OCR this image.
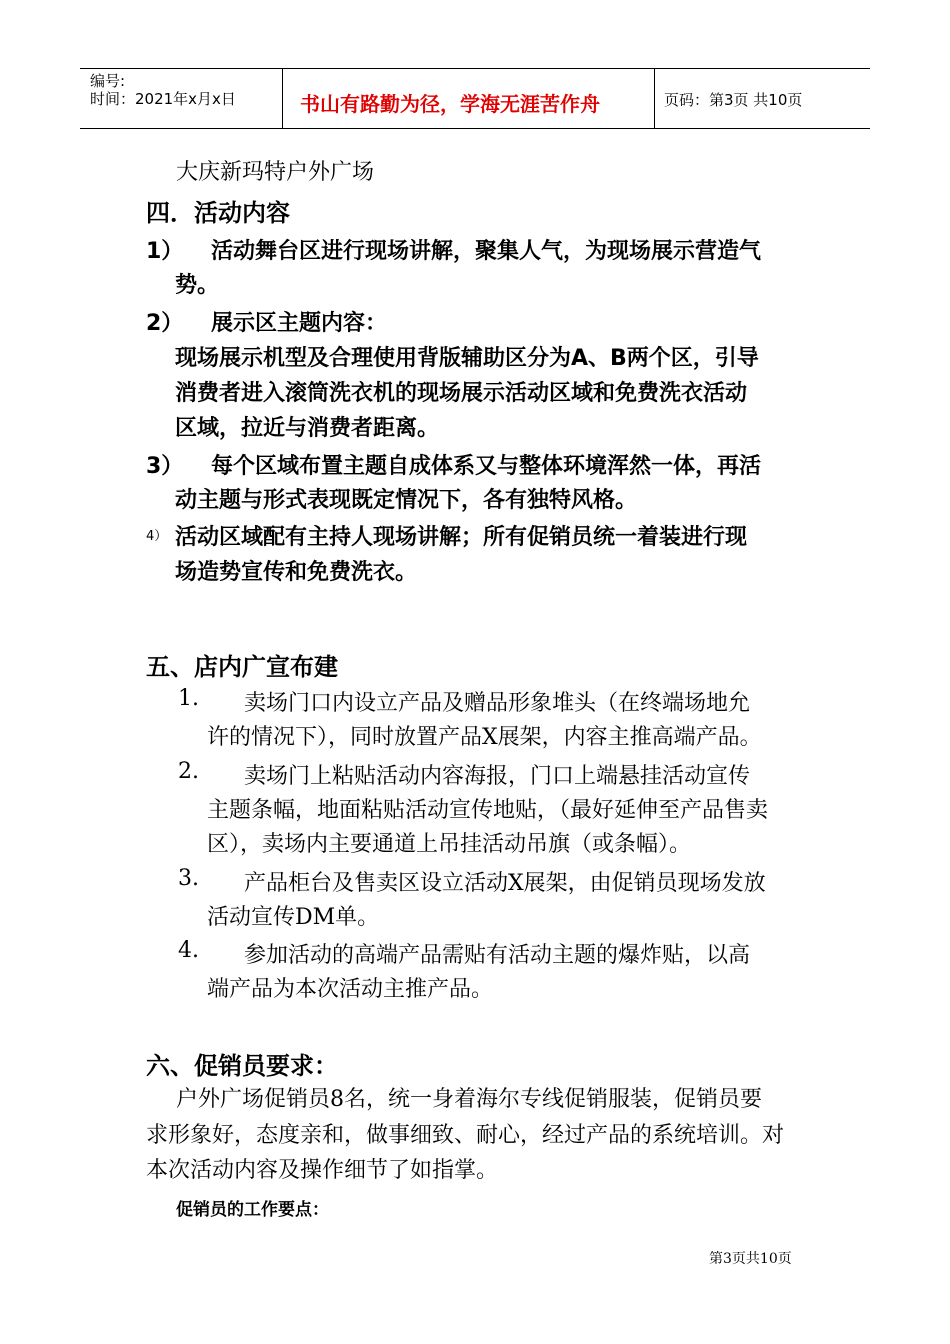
编号:
时间：2021年x月x日	书山有路勤为径，学海无涯苦作舟	页码：第3页 共10页
大庆新玛特户外广场
四．活动内容
1） 活动舞台区进行现场讲解，聚集人气，为现场展示营造气
势。
2） 展示区主题内容：
现场展示机型及合理使用背版辅助区分为A、B两个区，引导
消费者进入滚筒洗衣机的现场展示活动区域和免费洗衣活动
区域，拉近与消费者距离。
3） 每个区域布置主题自成体系又与整体环境浑然一体，再活
动主题与形式表现既定情况下，各有独特风格。
4） 活动区域配有主持人现场讲解；所有促销员统一着装进行现
场造势宣传和免费洗衣。
五、店内广宣布建
1. 卖场门口内设立产品及赠品形象堆头（在终端场地允
许的情况下），同时放置产品X展架，内容主推高端产品。
2. 卖场门上粘贴活动内容海报，门口上端悬挂活动宣传
主题条幅，地面粘贴活动宣传地贴，（最好延伸至产品售卖
区），卖场内主要通道上吊挂活动吊旗（或条幅）。
3. 产品柜台及售卖区设立活动X展架，由促销员现场发放
活动宣传DM单。
4. 参加活动的高端产品需贴有活动主题的爆炸贴，以高
端产品为本次活动主推产品。
六、促销员要求：
户外广场促销员8名，统一身着海尔专线促销服装，促销员要
求形象好，态度亲和，做事细致、耐心，经过产品的系统培训。对
本次活动内容及操作细节了如指掌。
促销员的工作要点：
第3页共10页
